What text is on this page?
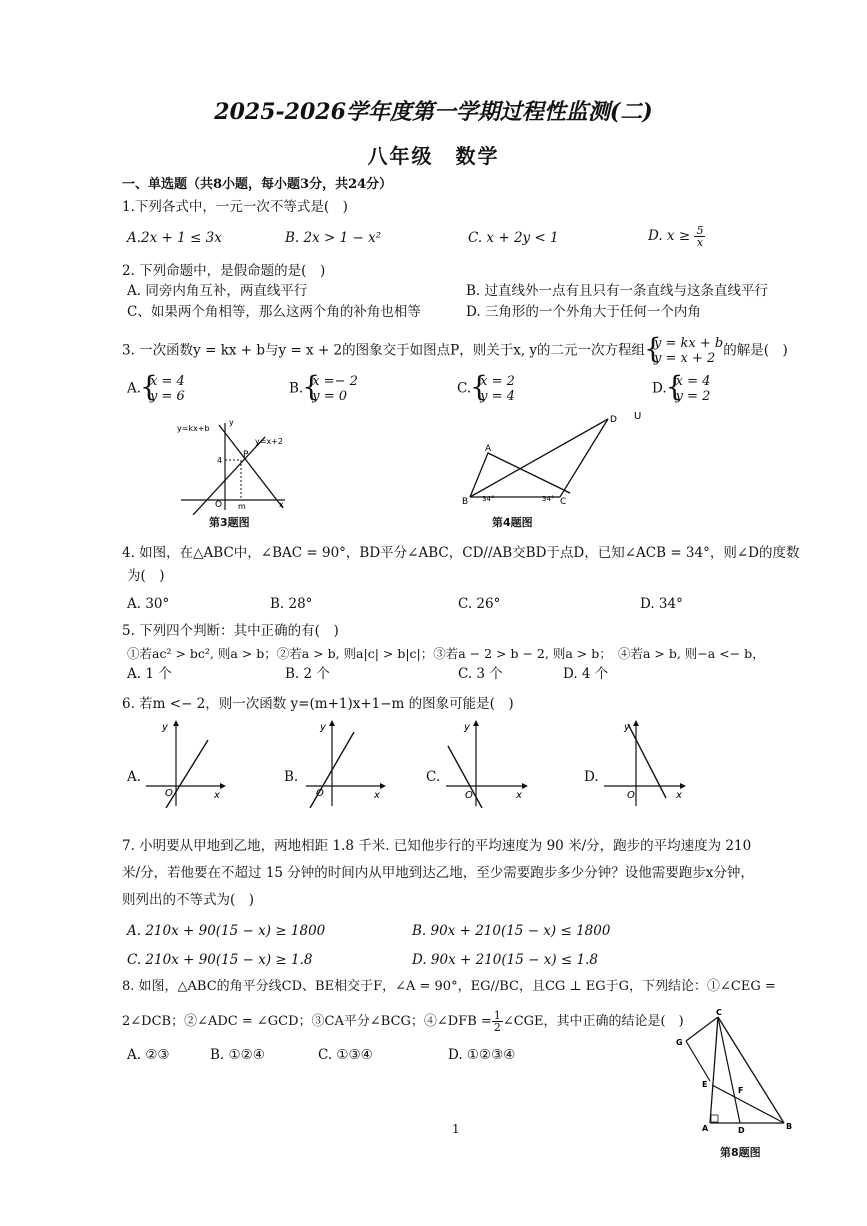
2025-2026学年度第一学期过程性监测(二)
八年级　数学
一、单选题（共8小题，每小题3分，共24分）
1.下列各式中，一元一次不等式是(　)
A.2x + 1 ≤ 3x	B. 2x > 1 − x²	C. x + 2y < 1	D. $x \ge \frac{5}{x}$
2. 下列命题中，是假命题的是(　)
A. 同旁内角互补，两直线平行	B. 过直线外一点有且只有一条直线与这条直线平行
C、如果两个角相等，那么这两个角的补角也相等	D. 三角形的一个外角大于任何一个内角
3. 一次函数y = kx + b与y = x + 2的图象交于如图点P，则关于x, y的二元一次方程组 { y = kx + b
y = x + 2 的解是(　)
A. { x = 4
y = 6	B. { x =− 2
y = 0	C. { x = 2
y = 4	D. { x = 4
y = 2
y=kx+b
y=x+2
y
x
O m
4
P
第3题图
A
B	C
D
34°	34°
U
第4题图
4. 如图，在△ABC中，∠BAC = 90°，BD平分∠ABC，CD//AB交BD于点D，已知∠ACB = 34°，则∠D的度数
为(　)
A. 30°	B. 28°	C. 26°	D. 34°
5. 下列四个判断：其中正确的有(　)
①若ac² > bc², 则a > b；②若a > b, 则a|c| > b|c|；③若a − 2 > b − 2, 则a > b；　④若a > b, 则−a <− b，
A. 1 个	B. 2 个	C. 3 个	D. 4 个
6. 若m <− 2，则一次函数 y=(m+1)x+1−m 的图象可能是(　)
A.
y
x
O
B.
y
x
O
C.
y
x
O
D.
y
x
O
7. 小明要从甲地到乙地，两地相距 1.8 千米. 已知他步行的平均速度为 90 米/分，跑步的平均速度为 210
米/分，若他要在不超过 15 分钟的时间内从甲地到达乙地，至少需要跑步多少分钟？设他需要跑步x分钟，
则列出的不等式为(　)
A. 210x + 90(15 − x) ≥ 1800	B. 90x + 210(15 − x) ≤ 1800
C. 210x + 90(15 − x) ≥ 1.8	D. 90x + 210(15 − x) ≤ 1.8
8. 如图，△ABC的角平分线CD、BE相交于F，∠A = 90°，EG//BC，且CG ⊥ EG于G，下列结论：①∠CEG =
2∠DCB；②∠ADC = ∠GCD；③CA平分∠BCG；④∠DFB = $\frac{1}{2}$ ∠CGE，其中正确的结论是(　)
A. ②③	B. ①②④	C. ①③④	D. ①②③④
C
G
E
F
A	D	B
第8题图
1
